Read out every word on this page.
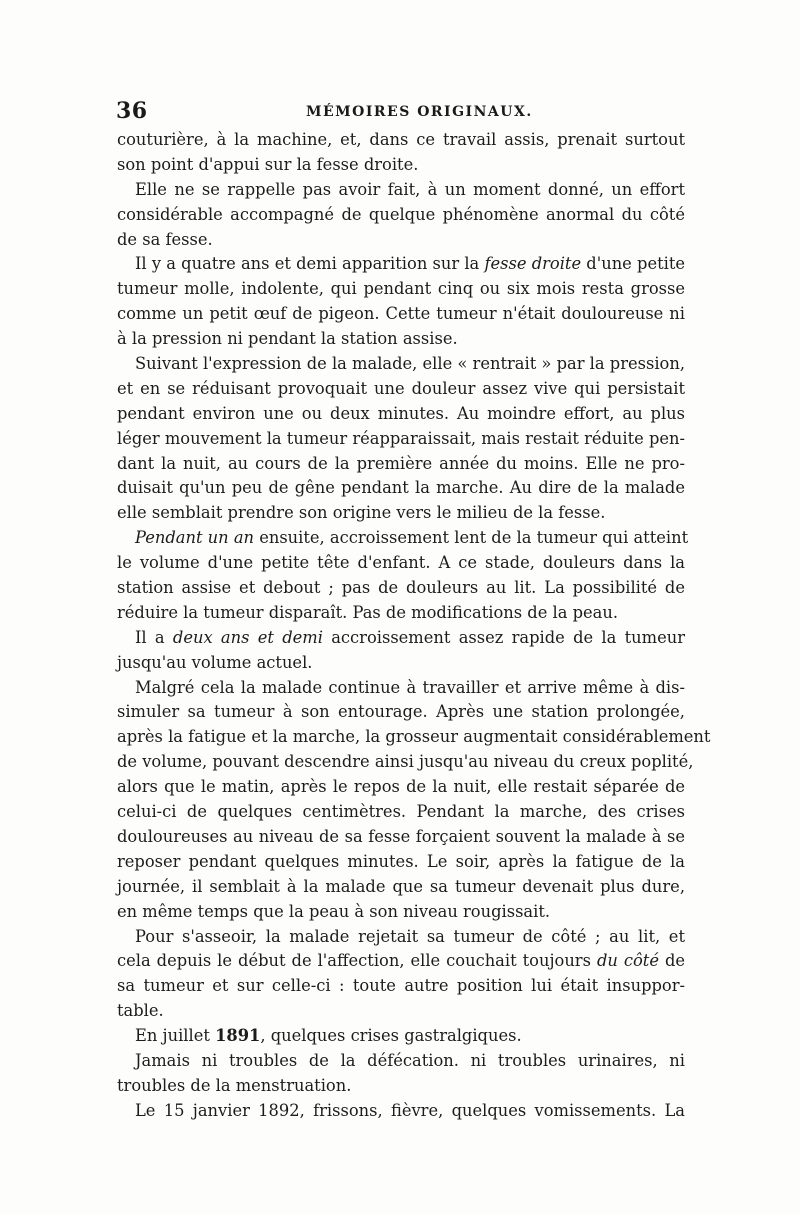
36	MÉMOIRES ORIGINAUX.
couturière, à la machine, et, dans ce travail assis, prenait surtout
son point d'appui sur la fesse droite.
Elle ne se rappelle pas avoir fait, à un moment donné, un effort
considérable accompagné de quelque phénomène anormal du côté
de sa fesse.
Il y a quatre ans et demi apparition sur la fesse droite d'une petite
tumeur molle, indolente, qui pendant cinq ou six mois resta grosse
comme un petit œuf de pigeon. Cette tumeur n'était douloureuse ni
à la pression ni pendant la station assise.
Suivant l'expression de la malade, elle « rentrait » par la pression,
et en se réduisant provoquait une douleur assez vive qui persistait
pendant environ une ou deux minutes. Au moindre effort, au plus
léger mouvement la tumeur réapparaissait, mais restait réduite pen-
dant la nuit, au cours de la première année du moins. Elle ne pro-
duisait qu'un peu de gêne pendant la marche. Au dire de la malade
elle semblait prendre son origine vers le milieu de la fesse.
Pendant un an ensuite, accroissement lent de la tumeur qui atteint
le volume d'une petite tête d'enfant. A ce stade, douleurs dans la
station assise et debout ; pas de douleurs au lit. La possibilité de
réduire la tumeur disparaît. Pas de modifications de la peau.
Il a deux ans et demi accroissement assez rapide de la tumeur
jusqu'au volume actuel.
Malgré cela la malade continue à travailler et arrive même à dis-
simuler sa tumeur à son entourage. Après une station prolongée,
après la fatigue et la marche, la grosseur augmentait considérablement
de volume, pouvant descendre ainsi jusqu'au niveau du creux poplité,
alors que le matin, après le repos de la nuit, elle restait séparée de
celui-ci de quelques centimètres. Pendant la marche, des crises
douloureuses au niveau de sa fesse forçaient souvent la malade à se
reposer pendant quelques minutes. Le soir, après la fatigue de la
journée, il semblait à la malade que sa tumeur devenait plus dure,
en même temps que la peau à son niveau rougissait.
Pour s'asseoir, la malade rejetait sa tumeur de côté ; au lit, et
cela depuis le début de l'affection, elle couchait toujours du côté de
sa tumeur et sur celle-ci : toute autre position lui était insuppor-
table.
En juillet 1891, quelques crises gastralgiques.
Jamais ni troubles de la défécation. ni troubles urinaires, ni
troubles de la menstruation.
Le 15 janvier 1892, frissons, fièvre, quelques vomissements. La
